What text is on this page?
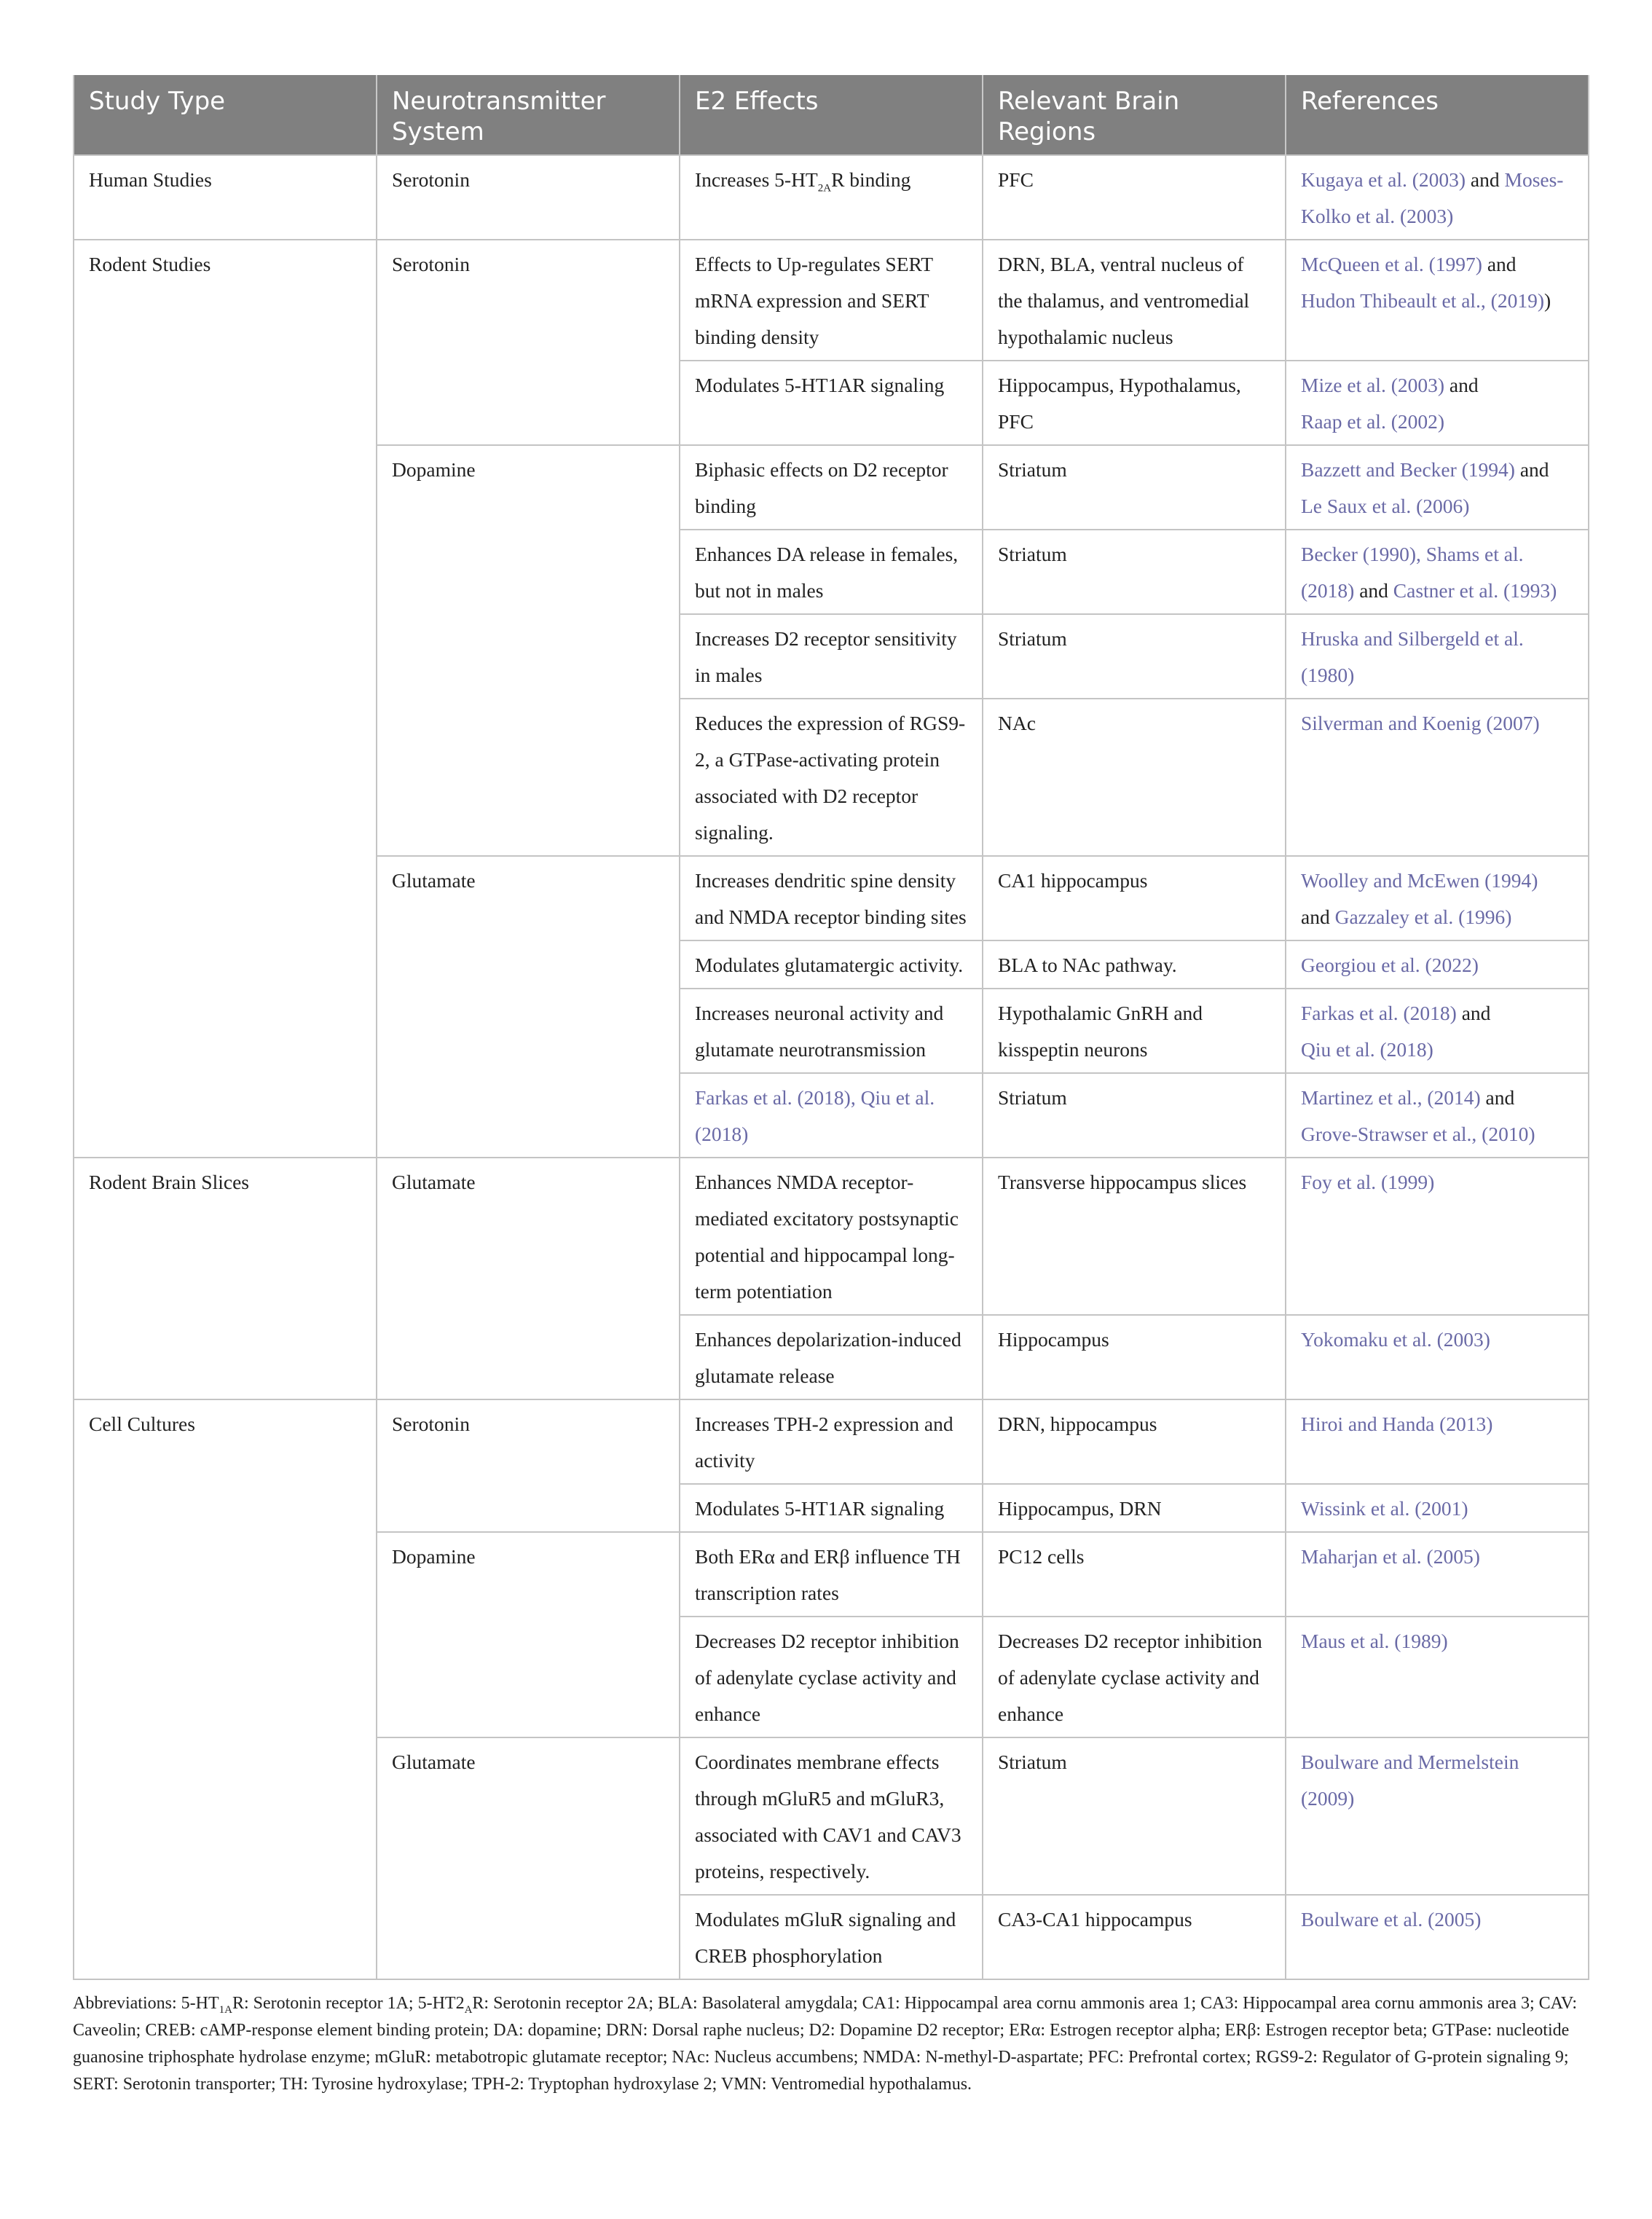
Study Type	Neurotransmitter System	E2 Effects	Relevant Brain Regions	References
Human Studies	Serotonin	Increases $5-HT_{2A}R$ binding	PFC	Kugaya et al. (2003) and Moses-Kolko et al. (2003)
Rodent Studies	Serotonin	Effects to Up-regulates SERT mRNA expression and SERT binding density	DRN, BLA, ventral nucleus of the thalamus, and ventromedial hypothalamic nucleus	McQueen et al. (1997) and Hudon Thibeault et al., (2019))
		Modulates 5-HT1AR signaling	Hippocampus, Hypothalamus, PFC	Mize et al. (2003) and
Raap et al. (2002)
	Dopamine	Biphasic effects on D2 receptor binding	Striatum	Bazzett and Becker (1994) and
Le Saux et al. (2006)
		Enhances DA release in females, but not in males	Striatum	Becker (1990), Shams et al. (2018) and Castner et al. (1993)
		Increases D2 receptor sensitivity in males	Striatum	Hruska and Silbergeld et al. (1980)
		Reduces the expression of RGS9-2, a GTPase-activating protein associated with D2 receptor signaling.	NAc	Silverman and Koenig (2007)
	Glutamate	Increases dendritic spine density and NMDA receptor binding sites	CA1 hippocampus	Woolley and McEwen (1994)
and Gazzaley et al. (1996)
		Modulates glutamatergic activity.	BLA to NAc pathway.	Georgiou et al. (2022)
		Increases neuronal activity and glutamate neurotransmission	Hypothalamic GnRH and kisspeptin neurons	Farkas et al. (2018) and
Qiu et al. (2018)
		Farkas et al. (2018), Qiu et al. (2018)	Striatum	Martinez et al., (2014) and
Grove-Strawser et al., (2010)
Rodent Brain Slices	Glutamate	Enhances NMDA receptor-mediated excitatory postsynaptic potential and hippocampal long-term potentiation	Transverse hippocampus slices	Foy et al. (1999)
		Enhances depolarization-induced glutamate release	Hippocampus	Yokomaku et al. (2003)
Cell Cultures	Serotonin	Increases TPH-2 expression and activity	DRN, hippocampus	Hiroi and Handa (2013)
		Modulates 5-HT1AR signaling	Hippocampus, DRN	Wissink et al. (2001)
	Dopamine	Both ERα and ERβ influence TH transcription rates	PC12 cells	Maharjan et al. (2005)
		Decreases D2 receptor inhibition of adenylate cyclase activity and enhance	Decreases D2 receptor inhibition of adenylate cyclase activity and enhance	Maus et al. (1989)
	Glutamate	Coordinates membrane effects through mGluR5 and mGluR3, associated with CAV1 and CAV3 proteins, respectively.	Striatum	Boulware and Mermelstein (2009)
		Modulates mGluR signaling and CREB phosphorylation	CA3-CA1 hippocampus	Boulware et al. (2005)
Abbreviations: $5-HT_{1A}R$: Serotonin receptor 1A; $5-HT2_AR$: Serotonin receptor 2A; BLA: Basolateral amygdala; CA1: Hippocampal area cornu ammonis area 1; CA3: Hippocampal area cornu ammonis area 3; CAV: Caveolin; CREB: cAMP-response element binding protein; DA: dopamine; DRN: Dorsal raphe nucleus; D2: Dopamine D2 receptor; ERα: Estrogen receptor alpha; ERβ: Estrogen receptor beta; GTPase: nucleotide guanosine triphosphate hydrolase enzyme; mGluR: metabotropic glutamate receptor; NAc: Nucleus accumbens; NMDA: N-methyl-D-aspartate; PFC: Prefrontal cortex; RGS9-2: Regulator of G-protein signaling 9; SERT: Serotonin transporter; TH: Tyrosine hydroxylase; TPH-2: Tryptophan hydroxylase 2; VMN: Ventromedial hypothalamus.
